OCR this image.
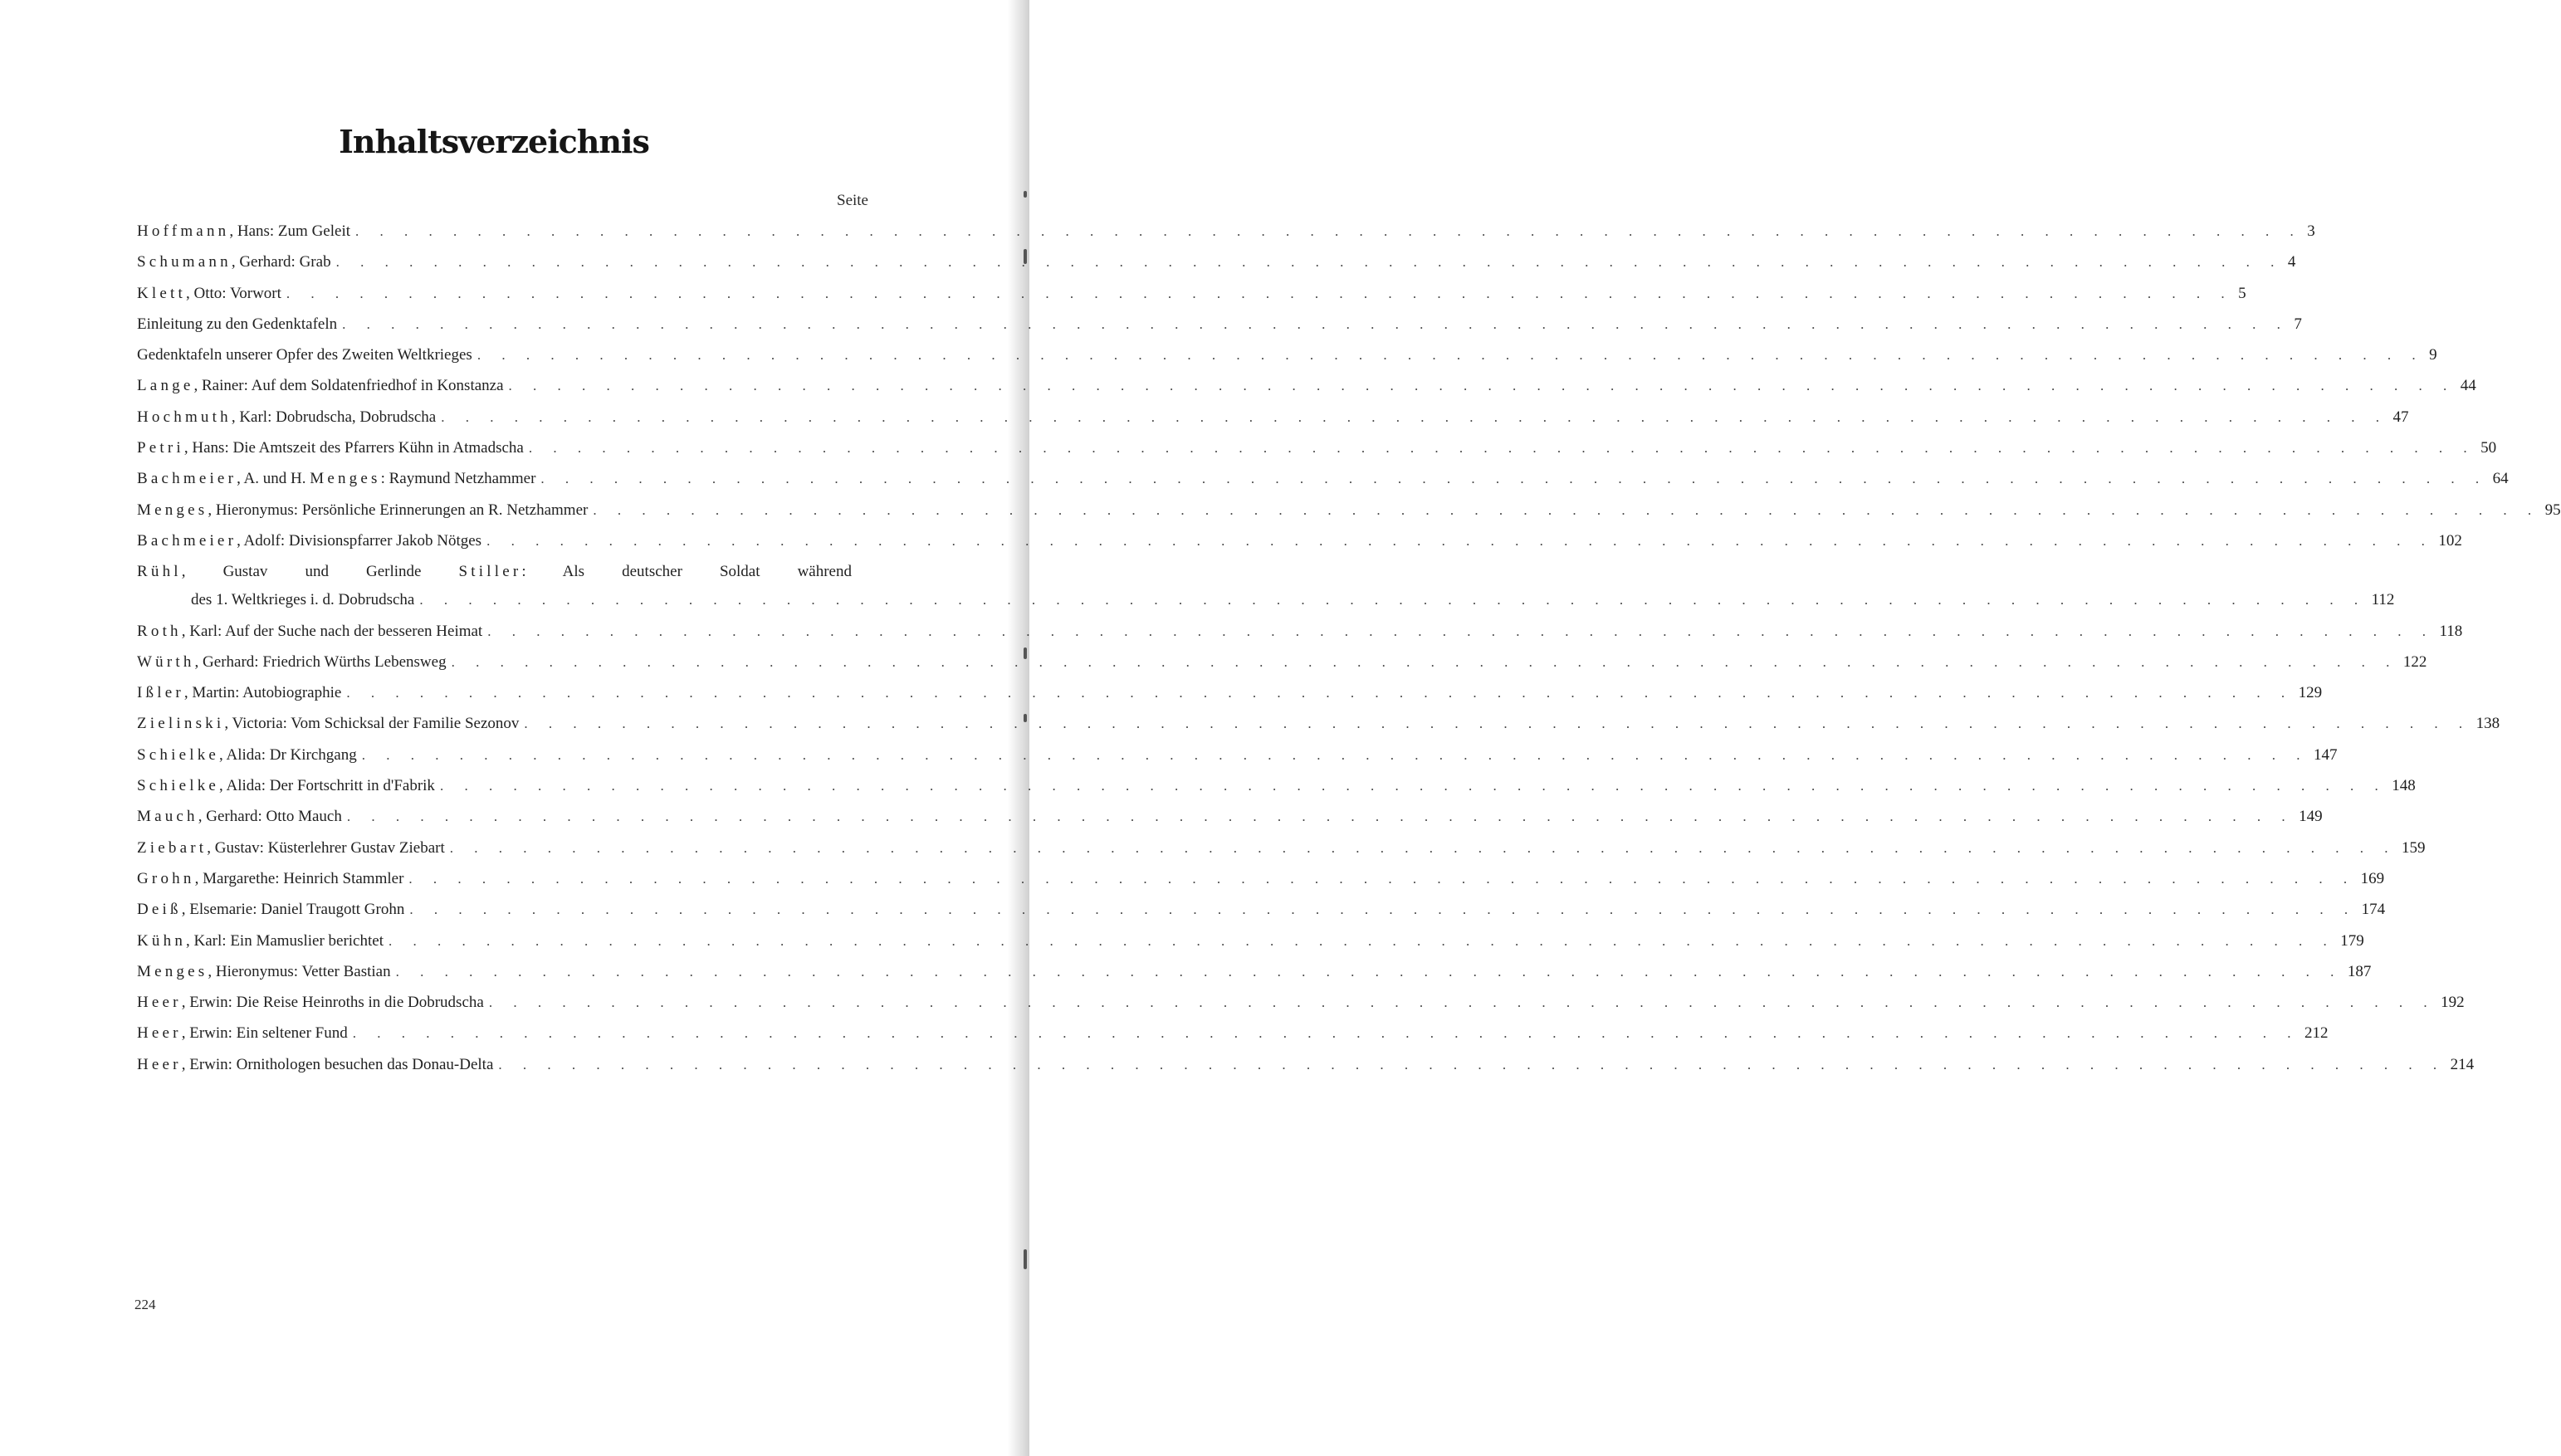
Inhaltsverzeichnis
Seite
Hoffmann, Hans: Zum Geleit . . . . . . . . . . . . . . . . . . . . . . . . . . . . . . . . . . . . . . . . . . . . . . . . . . . . . . . . . . . . . . . . . . . . . . . . . . . . . . . . 3
Schumann, Gerhard: Grab . . . . . . . . . . . . . . . . . . . . . . . . . . . . . . . . . . . . . . . . . . . . . . . . . . . . . . . . . . . . . . . . . . . . . . . . . . . . . . . . 4
Klett, Otto: Vorwort . . . . . . . . . . . . . . . . . . . . . . . . . . . . . . . . . . . . . . . . . . . . . . . . . . . . . . . . . . . . . . . . . . . . . . . . . . . . . . . . 5
Einleitung zu den Gedenktafeln . . . . . . . . . . . . . . . . . . . . . . . . . . . . . . . . . . . . . . . . . . . . . . . . . . . . . . . . . . . . . . . . . . . . . . . . . . . . . . . . 7
Gedenktafeln unserer Opfer des Zweiten Weltkrieges . . . . . . . . . . . . . . . . . . . . . . . . . . . . . . . . . . . . . . . . . . . . . . . . . . . . . . . . . . . . . . . . . . . . . . . . . . . . . . . . 9
Lange, Rainer: Auf dem Soldatenfriedhof in Konstanza . . . . . . . . . . . . . . . . . . . . . . . . . . . . . . . . . . . . . . . . . . . . . . . . . . . . . . . . . . . . . . . . . . . . . . . . . . . . . . . . 44
Hochmuth, Karl: Dobrudscha, Dobrudscha . . . . . . . . . . . . . . . . . . . . . . . . . . . . . . . . . . . . . . . . . . . . . . . . . . . . . . . . . . . . . . . . . . . . . . . . . . . . . . . . 47
Petri, Hans: Die Amtszeit des Pfarrers Kühn in Atmadscha . . . . . . . . . . . . . . . . . . . . . . . . . . . . . . . . . . . . . . . . . . . . . . . . . . . . . . . . . . . . . . . . . . . . . . . . . . . . . . . . 50
Bachmeier, A. und H. Menges: Raymund Netzhammer . . . . . . . . . . . . . . . . . . . . . . . . . . . . . . . . . . . . . . . . . . . . . . . . . . . . . . . . . . . . . . . . . . . . . . . . . . . . . . . . 64
Menges, Hieronymus: Persönliche Erinnerungen an R. Netzhammer . . . . . . . . . . . . . . . . . . . . . . . . . . . . . . . . . . . . . . . . . . . . . . . . . . . . . . . . . . . . . . . . . . . . . . . . . . . . . . . . 95
Bachmeier, Adolf: Divisionspfarrer Jakob Nötges . . . . . . . . . . . . . . . . . . . . . . . . . . . . . . . . . . . . . . . . . . . . . . . . . . . . . . . . . . . . . . . . . . . . . . . . . . . . . . . . 102
Rühl, Gustav und Gerlinde Stiller: Als deutscher Soldat während
des 1. Weltkrieges i. d. Dobrudscha . . . . . . . . . . . . . . . . . . . . . . . . . . . . . . . . . . . . . . . . . . . . . . . . . . . . . . . . . . . . . . . . . . . . . . . . . . . . . . . . 112
Roth, Karl: Auf der Suche nach der besseren Heimat . . . . . . . . . . . . . . . . . . . . . . . . . . . . . . . . . . . . . . . . . . . . . . . . . . . . . . . . . . . . . . . . . . . . . . . . . . . . . . . . 118
Würth, Gerhard: Friedrich Würths Lebensweg . . . . . . . . . . . . . . . . . . . . . . . . . . . . . . . . . . . . . . . . . . . . . . . . . . . . . . . . . . . . . . . . . . . . . . . . . . . . . . . . 122
Ißler, Martin: Autobiographie . . . . . . . . . . . . . . . . . . . . . . . . . . . . . . . . . . . . . . . . . . . . . . . . . . . . . . . . . . . . . . . . . . . . . . . . . . . . . . . . 129
Zielinski, Victoria: Vom Schicksal der Familie Sezonov . . . . . . . . . . . . . . . . . . . . . . . . . . . . . . . . . . . . . . . . . . . . . . . . . . . . . . . . . . . . . . . . . . . . . . . . . . . . . . . . 138
Schielke, Alida: Dr Kirchgang . . . . . . . . . . . . . . . . . . . . . . . . . . . . . . . . . . . . . . . . . . . . . . . . . . . . . . . . . . . . . . . . . . . . . . . . . . . . . . . . 147
Schielke, Alida: Der Fortschritt in d'Fabrik . . . . . . . . . . . . . . . . . . . . . . . . . . . . . . . . . . . . . . . . . . . . . . . . . . . . . . . . . . . . . . . . . . . . . . . . . . . . . . . . 148
Mauch, Gerhard: Otto Mauch . . . . . . . . . . . . . . . . . . . . . . . . . . . . . . . . . . . . . . . . . . . . . . . . . . . . . . . . . . . . . . . . . . . . . . . . . . . . . . . . 149
Ziebart, Gustav: Küsterlehrer Gustav Ziebart . . . . . . . . . . . . . . . . . . . . . . . . . . . . . . . . . . . . . . . . . . . . . . . . . . . . . . . . . . . . . . . . . . . . . . . . . . . . . . . . 159
Grohn, Margarethe: Heinrich Stammler . . . . . . . . . . . . . . . . . . . . . . . . . . . . . . . . . . . . . . . . . . . . . . . . . . . . . . . . . . . . . . . . . . . . . . . . . . . . . . . . 169
Deiß, Elsemarie: Daniel Traugott Grohn . . . . . . . . . . . . . . . . . . . . . . . . . . . . . . . . . . . . . . . . . . . . . . . . . . . . . . . . . . . . . . . . . . . . . . . . . . . . . . . . 174
Kühn, Karl: Ein Mamuslier berichtet . . . . . . . . . . . . . . . . . . . . . . . . . . . . . . . . . . . . . . . . . . . . . . . . . . . . . . . . . . . . . . . . . . . . . . . . . . . . . . . . 179
Menges, Hieronymus: Vetter Bastian . . . . . . . . . . . . . . . . . . . . . . . . . . . . . . . . . . . . . . . . . . . . . . . . . . . . . . . . . . . . . . . . . . . . . . . . . . . . . . . . 187
Heer, Erwin: Die Reise Heinroths in die Dobrudscha . . . . . . . . . . . . . . . . . . . . . . . . . . . . . . . . . . . . . . . . . . . . . . . . . . . . . . . . . . . . . . . . . . . . . . . . . . . . . . . . 192
Heer, Erwin: Ein seltener Fund . . . . . . . . . . . . . . . . . . . . . . . . . . . . . . . . . . . . . . . . . . . . . . . . . . . . . . . . . . . . . . . . . . . . . . . . . . . . . . . . 212
Heer, Erwin: Ornithologen besuchen das Donau-Delta . . . . . . . . . . . . . . . . . . . . . . . . . . . . . . . . . . . . . . . . . . . . . . . . . . . . . . . . . . . . . . . . . . . . . . . . . . . . . . . . 214
224
